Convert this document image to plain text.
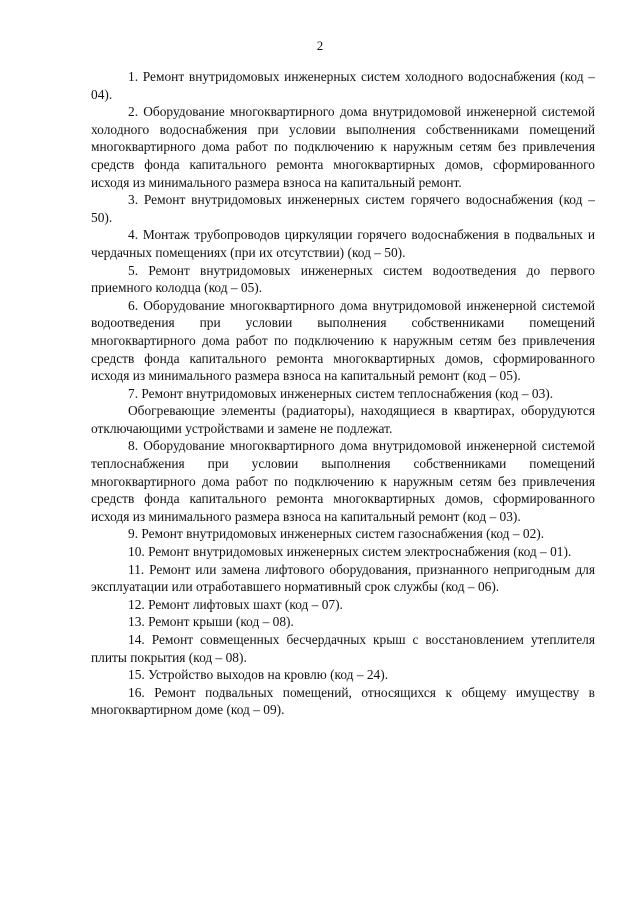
2

1. Ремонт внутридомовых инженерных систем холодного водоснабжения (код – 04).

2. Оборудование многоквартирного дома внутридомовой инженерной системой холодного водоснабжения при условии выполнения собственниками помещений многоквартирного дома работ по подключению к наружным сетям без привлечения средств фонда капитального ремонта многоквартирных домов, сформированного исходя из минимального размера взноса на капитальный ремонт.

3. Ремонт внутридомовых инженерных систем горячего водоснабжения (код – 50).

4. Монтаж трубопроводов циркуляции горячего водоснабжения в подвальных и чердачных помещениях (при их отсутствии) (код – 50).

5. Ремонт внутридомовых инженерных систем водоотведения до первого приемного колодца (код – 05).

6. Оборудование многоквартирного дома внутридомовой инженерной системой водоотведения при условии выполнения собственниками помещений многоквартирного дома работ по подключению к наружным сетям без привлечения средств фонда капитального ремонта многоквартирных домов, сформированного исходя из минимального размера взноса на капитальный ремонт (код – 05).

7. Ремонт внутридомовых инженерных систем теплоснабжения (код – 03).

Обогревающие элементы (радиаторы), находящиеся в квартирах, оборудуются отключающими устройствами и замене не подлежат.

8. Оборудование многоквартирного дома внутридомовой инженерной системой теплоснабжения при условии выполнения собственниками помещений многоквартирного дома работ по подключению к наружным сетям без привлечения средств фонда капитального ремонта многоквартирных домов, сформированного исходя из минимального размера взноса на капитальный ремонт (код – 03).

9. Ремонт внутридомовых инженерных систем газоснабжения (код – 02).

10. Ремонт внутридомовых инженерных систем электроснабжения (код – 01).

11. Ремонт или замена лифтового оборудования, признанного непригодным для эксплуатации или отработавшего нормативный срок службы (код – 06).

12. Ремонт лифтовых шахт (код – 07).

13. Ремонт крыши (код – 08).

14. Ремонт совмещенных бесчердачных крыш с восстановлением утеплителя плиты покрытия (код – 08).

15. Устройство выходов на кровлю (код – 24).

16. Ремонт подвальных помещений, относящихся к общему имуществу в многоквартирном доме (код – 09).
